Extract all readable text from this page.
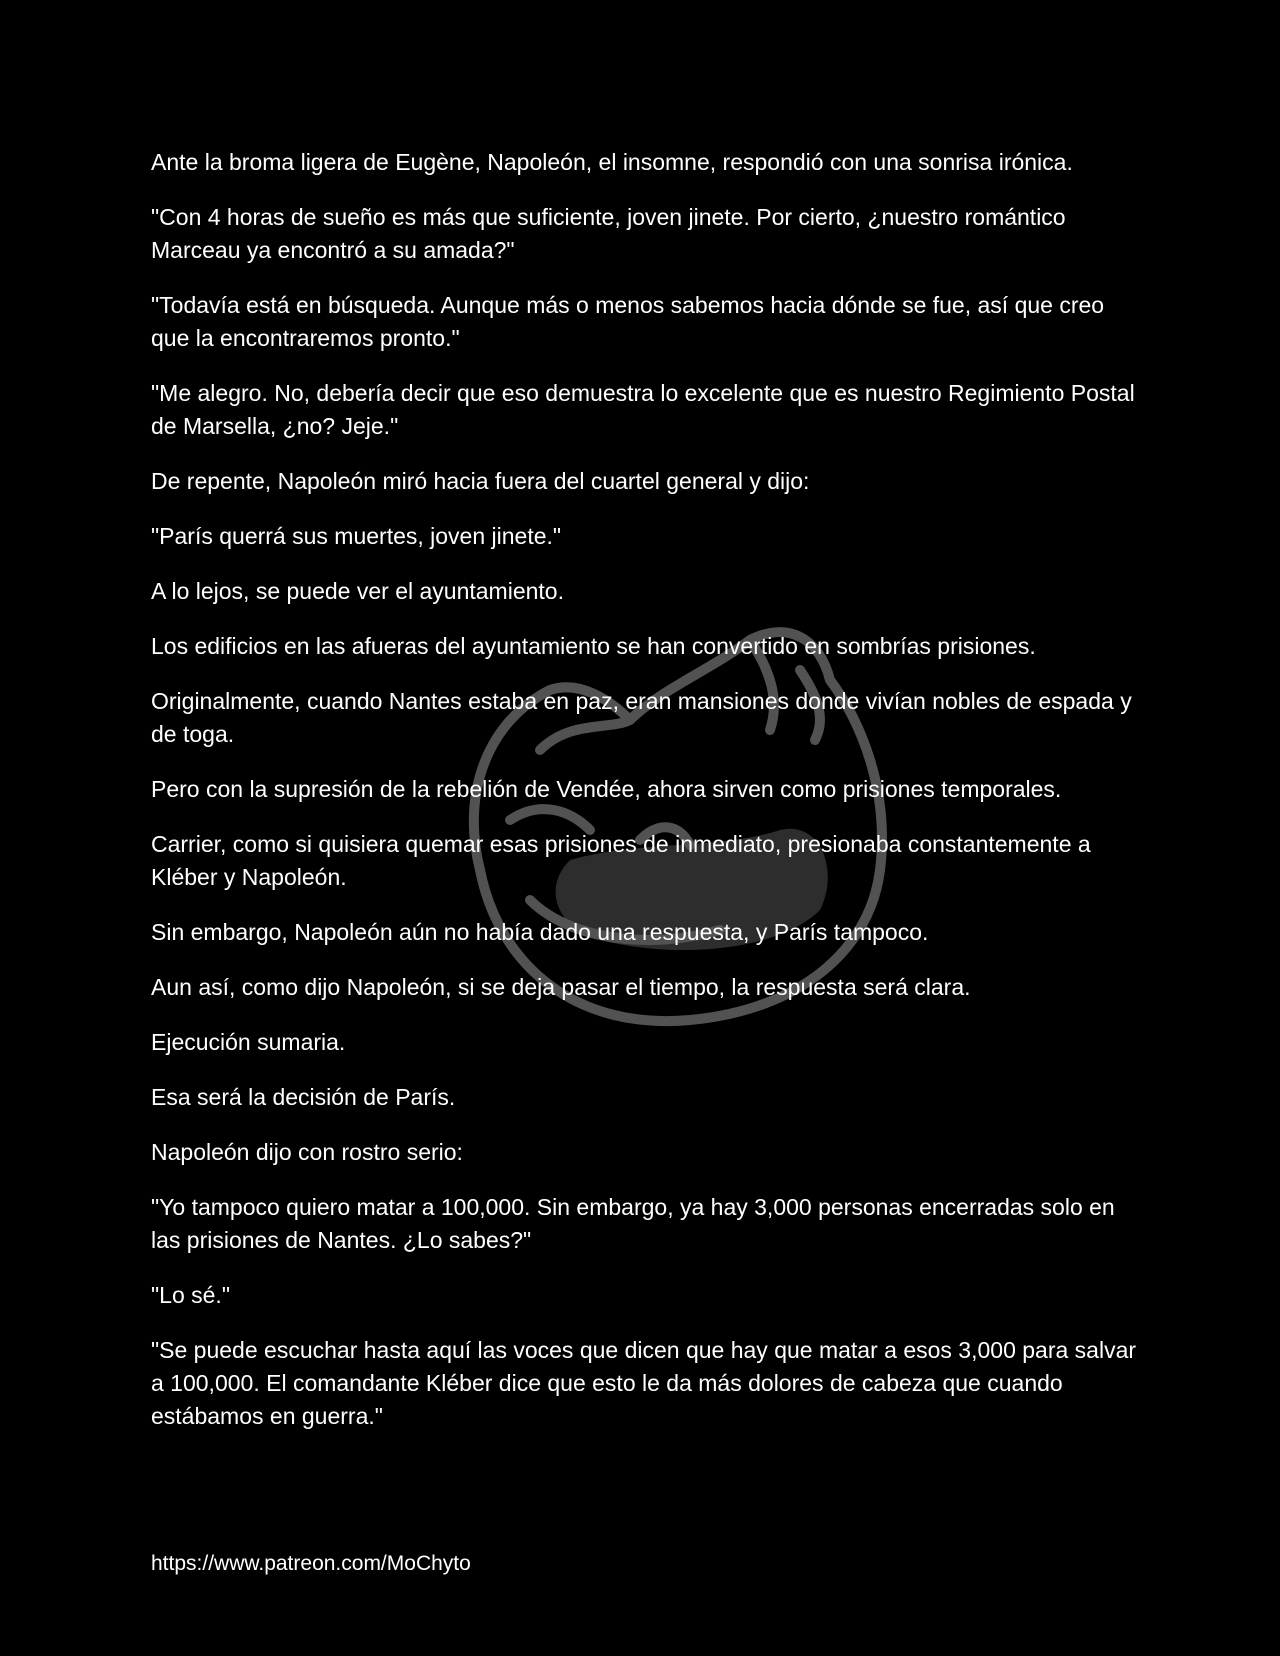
Ante la broma ligera de Eugène, Napoleón, el insomne, respondió con una sonrisa irónica.

"Con 4 horas de sueño es más que suficiente, joven jinete. Por cierto, ¿nuestro romántico Marceau ya encontró a su amada?"

"Todavía está en búsqueda. Aunque más o menos sabemos hacia dónde se fue, así que creo que la encontraremos pronto."

"Me alegro. No, debería decir que eso demuestra lo excelente que es nuestro Regimiento Postal de Marsella, ¿no? Jeje."

De repente, Napoleón miró hacia fuera del cuartel general y dijo:

"París querrá sus muertes, joven jinete."

A lo lejos, se puede ver el ayuntamiento.

Los edificios en las afueras del ayuntamiento se han convertido en sombrías prisiones.

Originalmente, cuando Nantes estaba en paz, eran mansiones donde vivían nobles de espada y de toga.

Pero con la supresión de la rebelión de Vendée, ahora sirven como prisiones temporales.

Carrier, como si quisiera quemar esas prisiones de inmediato, presionaba constantemente a Kléber y Napoleón.

Sin embargo, Napoleón aún no había dado una respuesta, y París tampoco.

Aun así, como dijo Napoleón, si se deja pasar el tiempo, la respuesta será clara.

Ejecución sumaria.

Esa será la decisión de París.

Napoleón dijo con rostro serio:

"Yo tampoco quiero matar a 100,000. Sin embargo, ya hay 3,000 personas encerradas solo en las prisiones de Nantes. ¿Lo sabes?"

"Lo sé."

"Se puede escuchar hasta aquí las voces que dicen que hay que matar a esos 3,000 para salvar a 100,000. El comandante Kléber dice que esto le da más dolores de cabeza que cuando estábamos en guerra."

https://www.patreon.com/MoChyto
